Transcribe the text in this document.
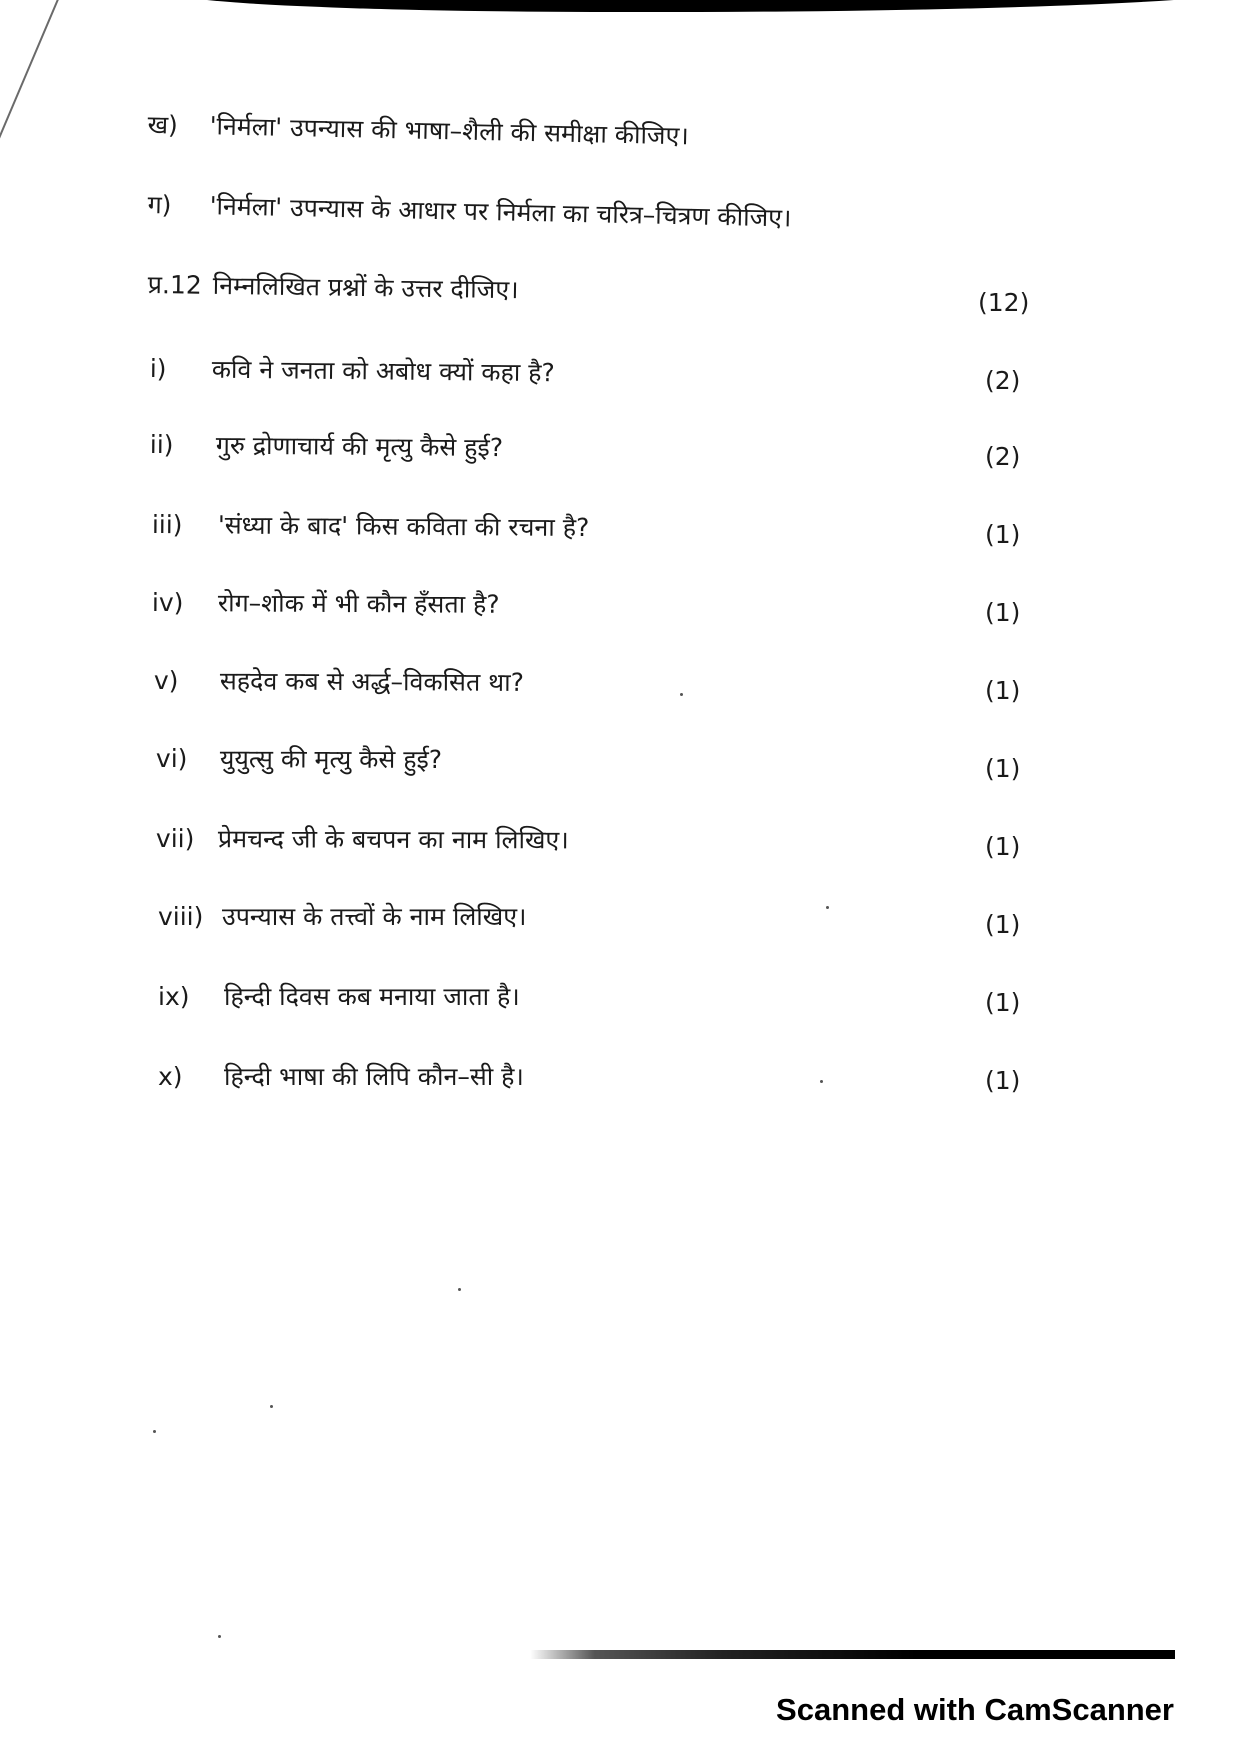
ख) 'निर्मला' उपन्यास की भाषा–शैली की समीक्षा कीजिए।
ग) 'निर्मला' उपन्यास के आधार पर निर्मला का चरित्र–चित्रण कीजिए।
प्र.12 निम्नलिखित प्रश्नों के उत्तर दीजिए।	(12)
i) कवि ने जनता को अबोध क्यों कहा है?	(2)
ii) गुरु द्रोणाचार्य की मृत्यु कैसे हुई?	(2)
iii) 'संध्या के बाद' किस कविता की रचना है?	(1)
iv) रोग–शोक में भी कौन हँसता है?	(1)
v) सहदेव कब से अर्द्ध–विकसित था?	(1)
vi) युयुत्सु की मृत्यु कैसे हुई?	(1)
vii) प्रेमचन्द जी के बचपन का नाम लिखिए।	(1)
viii) उपन्यास के तत्त्वों के नाम लिखिए।	(1)
ix) हिन्दी दिवस कब मनाया जाता है।	(1)
x) हिन्दी भाषा की लिपि कौन–सी है।	(1)
Scanned with CamScanner
